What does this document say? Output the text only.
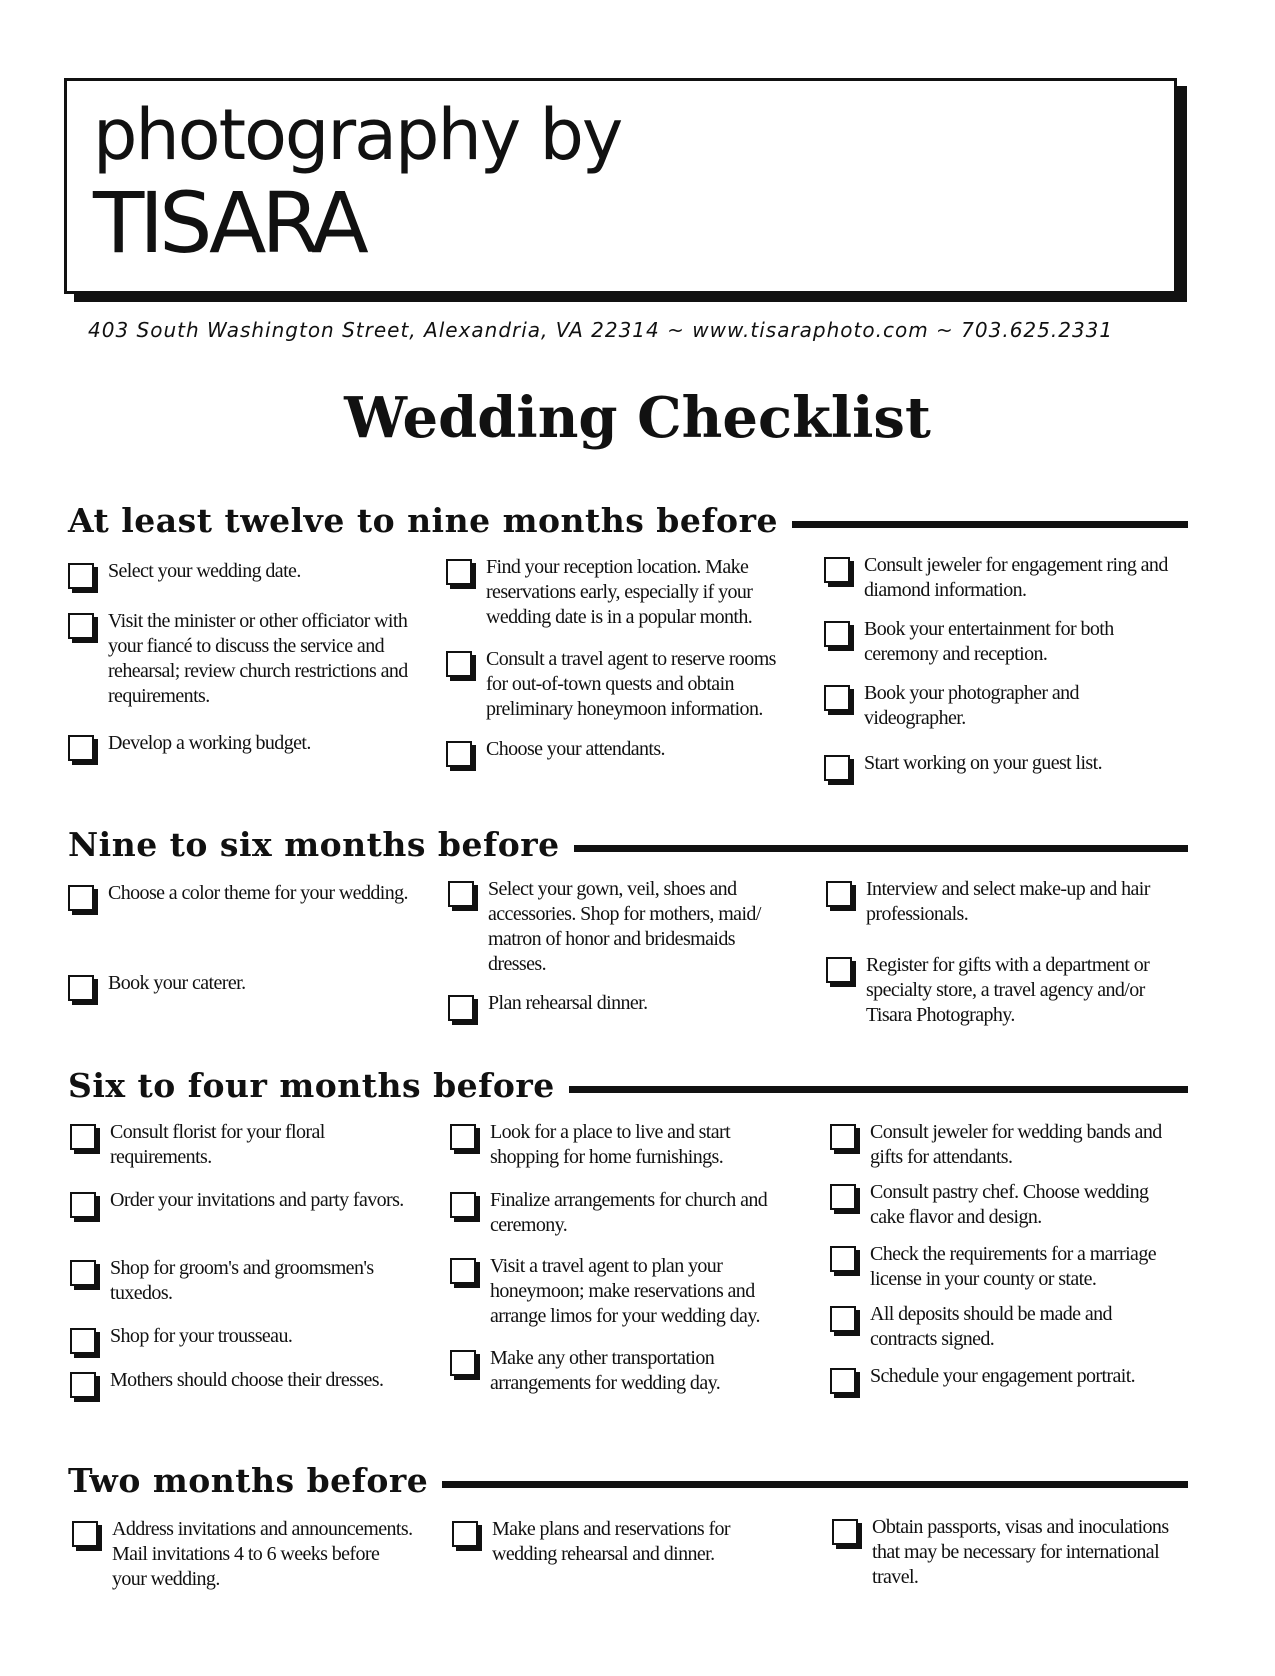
photography by
TISARA
403 South Washington Street, Alexandria, VA 22314 ~ www.tisaraphoto.com ~ 703.625.2331
Wedding Checklist
At least twelve to nine months before
Select your wedding date.
Visit the minister or other officiator with your fiancé to discuss the service and rehearsal; review church restrictions and requirements.
Develop a working budget.
Find your reception location. Make reservations early, especially if your wedding date is in a popular month.
Consult a travel agent to reserve rooms for out-of-town quests and obtain preliminary honeymoon information.
Choose your attendants.
Consult jeweler for engagement ring and diamond information.
Book your entertainment for both ceremony and reception.
Book your photographer and videographer.
Start working on your guest list.
Nine to six months before
Choose a color theme for your wedding.
Book your caterer.
Select your gown, veil, shoes and accessories. Shop for mothers, maid/ matron of honor and bridesmaids dresses.
Plan rehearsal dinner.
Interview and select make-up and hair professionals.
Register for gifts with a department or specialty store, a travel agency and/or Tisara Photography.
Six to four months before
Consult florist for your floral requirements.
Order your invitations and party favors.
Shop for groom's and groomsmen's tuxedos.
Shop for your trousseau.
Mothers should choose their dresses.
Look for a place to live and start shopping for home furnishings.
Finalize arrangements for church and ceremony.
Visit a travel agent to plan your honeymoon; make reservations and arrange limos for your wedding day.
Make any other transportation arrangements for wedding day.
Consult jeweler for wedding bands and gifts for attendants.
Consult pastry chef. Choose wedding cake flavor and design.
Check the requirements for a marriage license in your county or state.
All deposits should be made and contracts signed.
Schedule your engagement portrait.
Two months before
Address invitations and announcements. Mail invitations 4 to 6 weeks before your wedding.
Make plans and reservations for wedding rehearsal and dinner.
Obtain passports, visas and inoculations that may be necessary for international travel.
